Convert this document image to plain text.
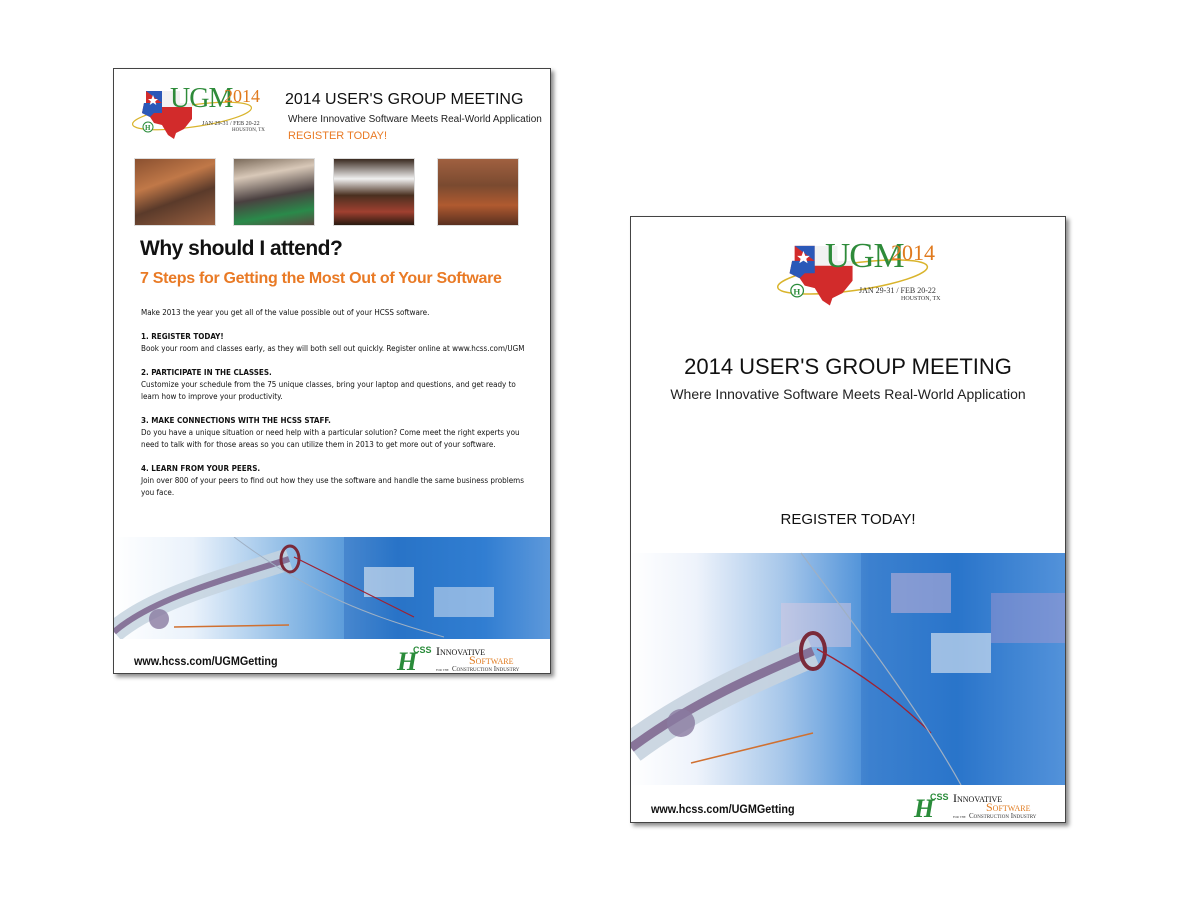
H
UGM
2014
JAN 29-31 / FEB 20-22
HOUSTON, TX
2014 USER'S GROUP MEETING
Where Innovative Software Meets Real-World Application
REGISTER TODAY!
Why should I attend?
7 Steps for Getting the Most Out of Your Software

Make 2013 the year you get all of the value possible out of your HCSS software.

1. REGISTER TODAY!
Book your room and classes early, as they will both sell out quickly. Register online at www.hcss.com/UGM

2. PARTICIPATE IN THE CLASSES.
Customize your schedule from the 75 unique classes, bring your laptop and questions, and get ready to learn how to improve your productivity.

3. MAKE CONNECTIONS WITH THE HCSS STAFF.
Do you have a unique situation or need help with a particular solution? Come meet the right experts you need to talk with for those areas so you can utilize them in 2013 to get more out of your software.

4. LEARN FROM YOUR PEERS.
Join over 800 of your peers to find out how they use the software and handle the same business problems you face.

www.hcss.com/UGMGetting	H
CSS Innovative
Software
for the Construction Industry
H
UGM
2014
JAN 29-31 / FEB 20-22
HOUSTON, TX
2014 USER'S GROUP MEETING
Where Innovative Software Meets Real-World Application
REGISTER TODAY!
www.hcss.com/UGMGetting	H
CSS Innovative
Software
for the Construction Industry
